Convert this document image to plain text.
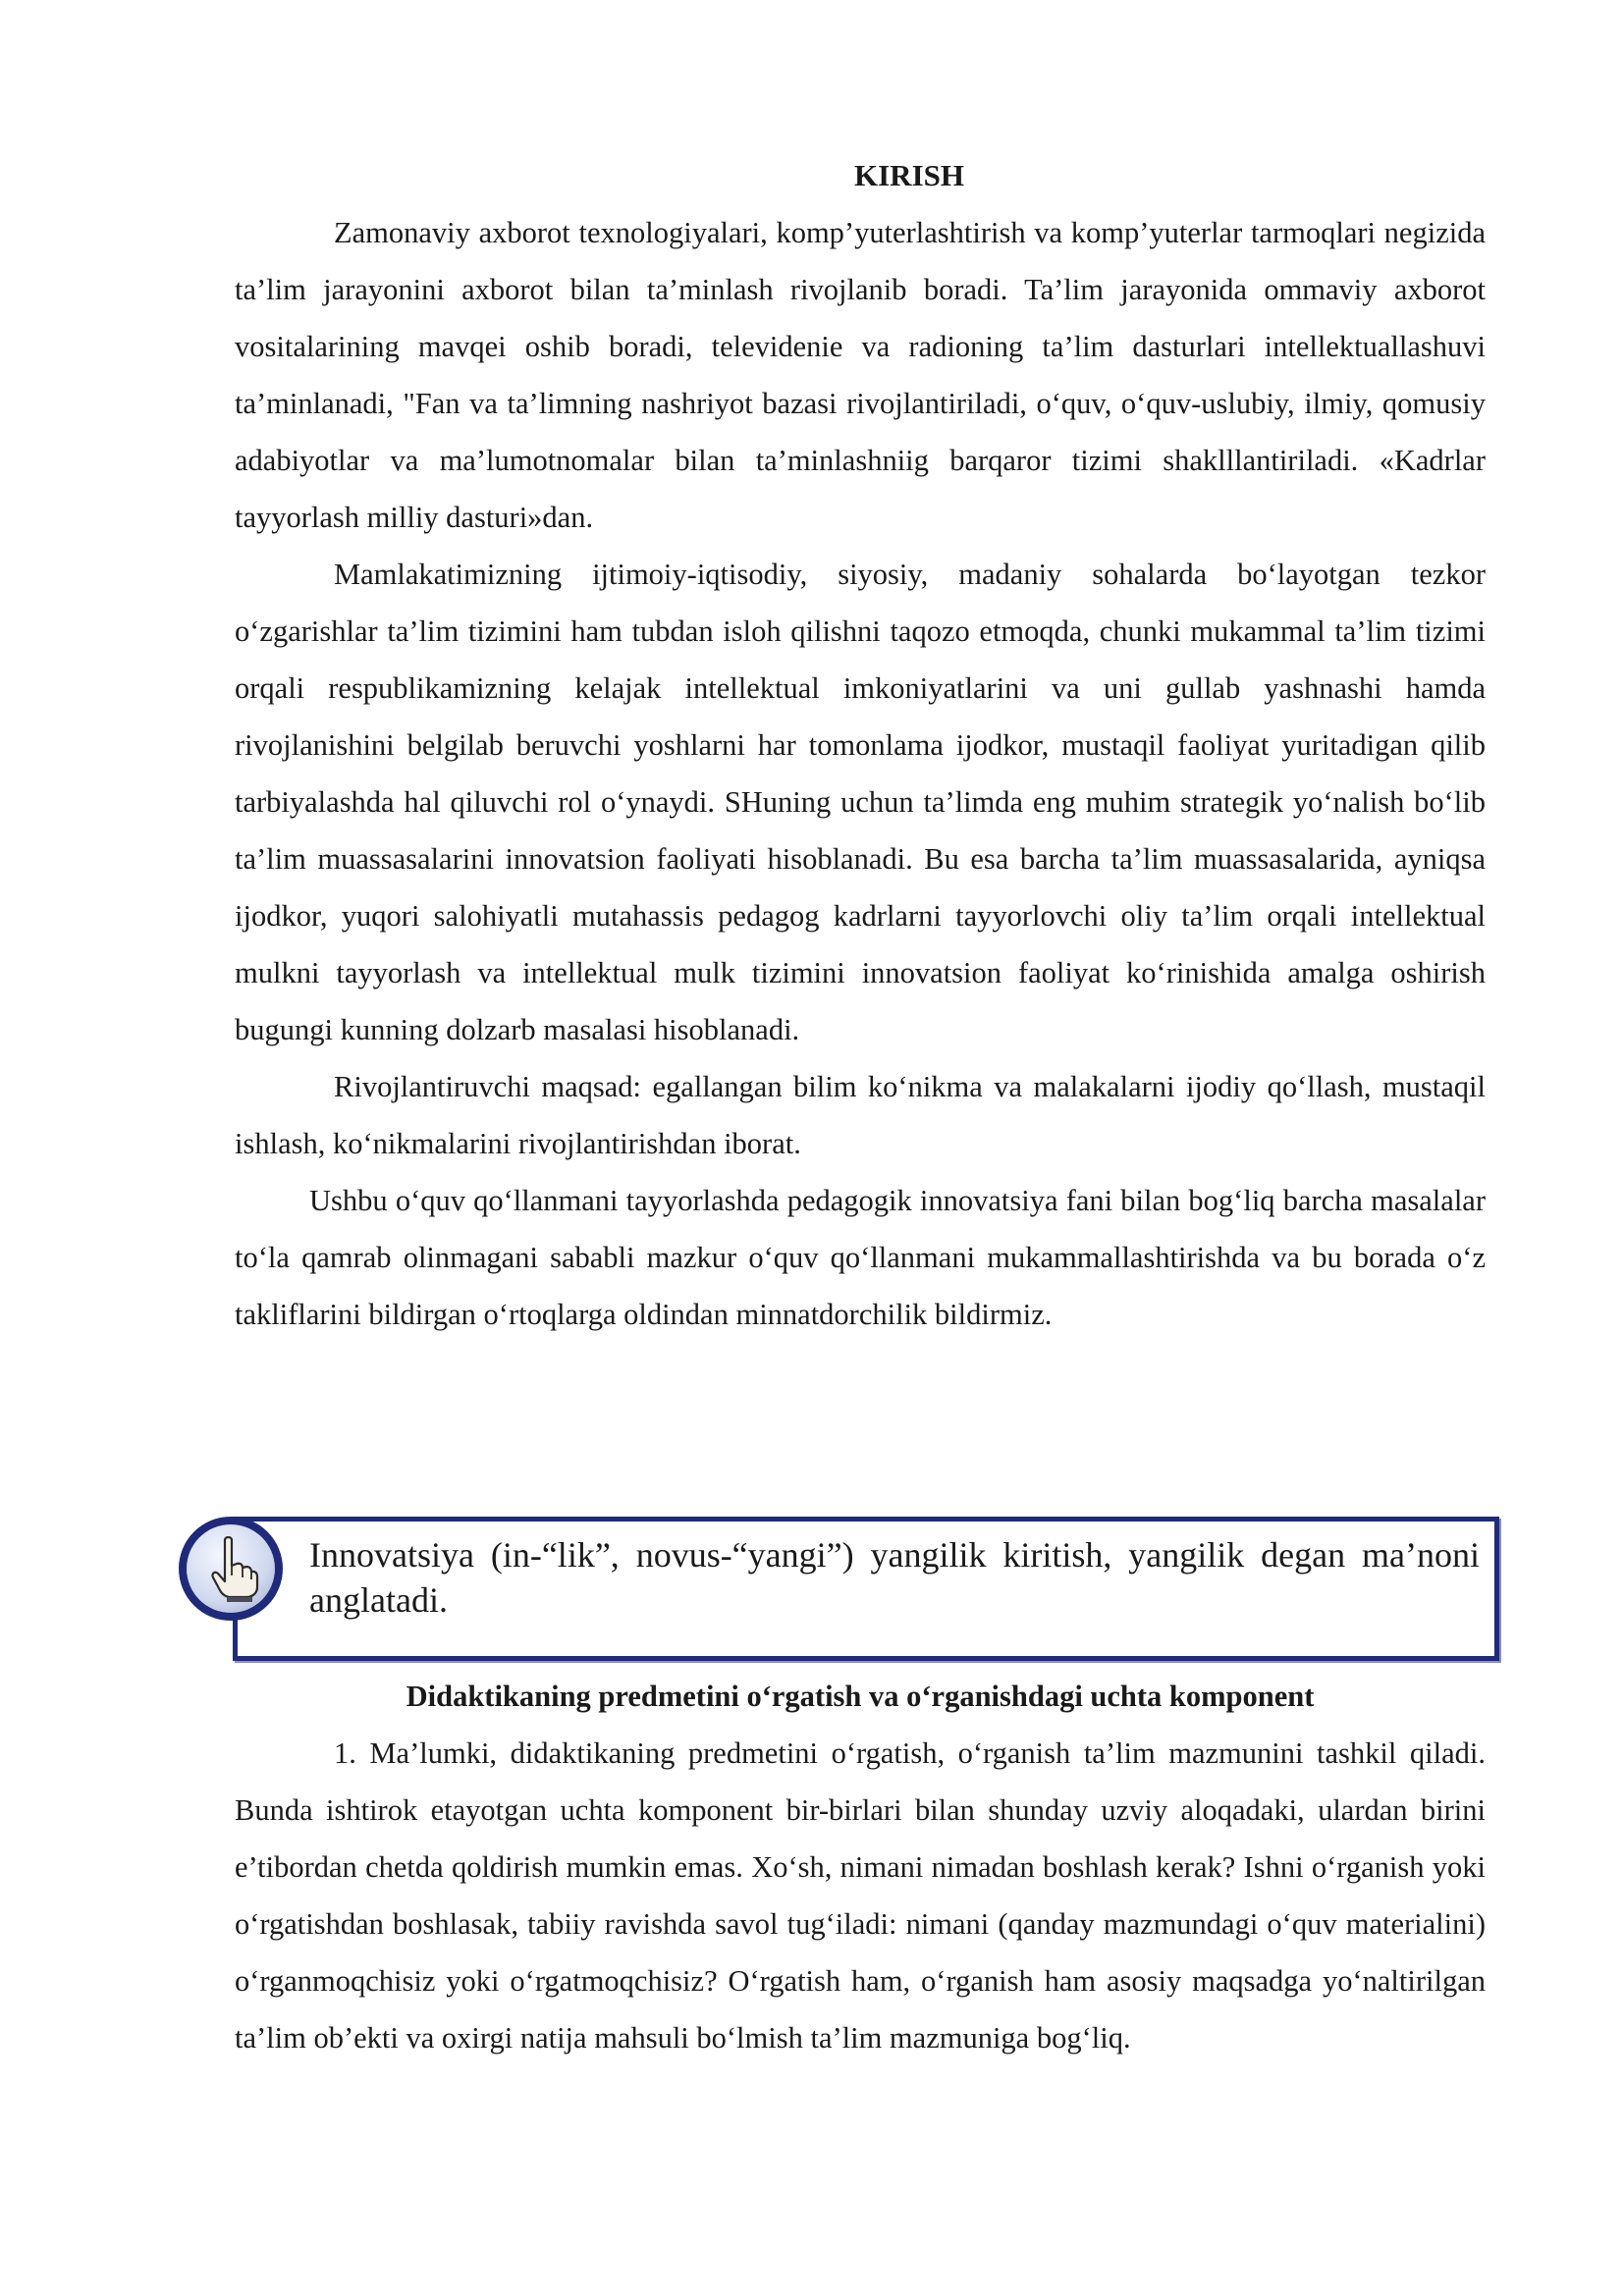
KIRISH

Zamonaviy axborot texnologiyalari, komp’yuterlashtirish va komp’yuterlar tarmoqlari negizida ta’lim jarayonini axborot bilan ta’minlash rivojlanib boradi. Ta’lim jarayonida ommaviy axborot vositalarining mavqei oshib boradi, televidenie va radioning ta’lim dasturlari intellektuallashuvi ta’minlanadi, "Fan va ta’limning nashriyot bazasi rivojlantiriladi, o‘quv, o‘quv-uslubiy, ilmiy, qomusiy adabiyotlar va ma’lumotnomalar bilan ta’minlashniig barqaror tizimi shaklllantiriladi. «Kadrlar tayyorlash milliy dasturi»dan.

Mamlakatimizning ijtimoiy-iqtisodiy, siyosiy, madaniy sohalarda bo‘layotgan tezkor o‘zgarishlar ta’lim tizimini ham tubdan isloh qilishni taqozo etmoqda, chunki mukammal ta’lim tizimi orqali respublikamizning kelajak intellektual imkoniyatlarini va uni gullab yashnashi hamda rivojlanishini belgilab beruvchi yoshlarni har tomonlama ijodkor, mustaqil faoliyat yuritadigan qilib tarbiyalashda hal qiluvchi rol o‘ynaydi. SHuning uchun ta’limda eng muhim strategik yo‘nalish bo‘lib ta’lim muassasalarini innovatsion faoliyati hisoblanadi. Bu esa barcha ta’lim muassasalarida, ayniqsa ijodkor, yuqori salohiyatli mutahassis pedagog kadrlarni tayyorlovchi oliy ta’lim orqali intellektual mulkni tayyorlash va intellektual mulk tizimini innovatsion faoliyat ko‘rinishida amalga oshirish bugungi kunning dolzarb masalasi hisoblanadi.

Rivojlantiruvchi maqsad: egallangan bilim ko‘nikma va malakalarni ijodiy qo‘llash, mustaqil ishlash, ko‘nikmalarini rivojlantirishdan iborat.

Ushbu o‘quv qo‘llanmani tayyorlashda pedagogik innovatsiya fani bilan bog‘liq barcha masalalar to‘la qamrab olinmagani sababli mazkur o‘quv qo‘llanmani mukammallashtirishda va bu borada o‘z takliflarini bildirgan o‘rtoqlarga oldindan minnatdorchilik bildirmiz.

Innovatsiya (in-“lik”, novus-“yangi”) yangilik kiritish, yangilik degan ma’noni anglatadi.

Didaktikaning predmetini o‘rgatish va o‘rganishdagi uchta komponent

1. Ma’lumki, didaktikaning predmetini o‘rgatish, o‘rganish ta’lim mazmunini tashkil qiladi. Bunda ishtirok etayotgan uchta komponent bir-birlari bilan shunday uzviy aloqadaki, ulardan birini e’tibordan chetda qoldirish mumkin emas. Xo‘sh, nimani nimadan boshlash kerak? Ishni o‘rganish yoki o‘rgatishdan boshlasak, tabiiy ravishda savol tug‘iladi: nimani (qanday mazmundagi o‘quv materialini) o‘rganmoqchisiz yoki o‘rgatmoqchisiz? O‘rgatish ham, o‘rganish ham asosiy maqsadga yo‘naltirilgan ta’lim ob’ekti va oxirgi natija mahsuli bo‘lmish ta’lim mazmuniga bog‘liq.
